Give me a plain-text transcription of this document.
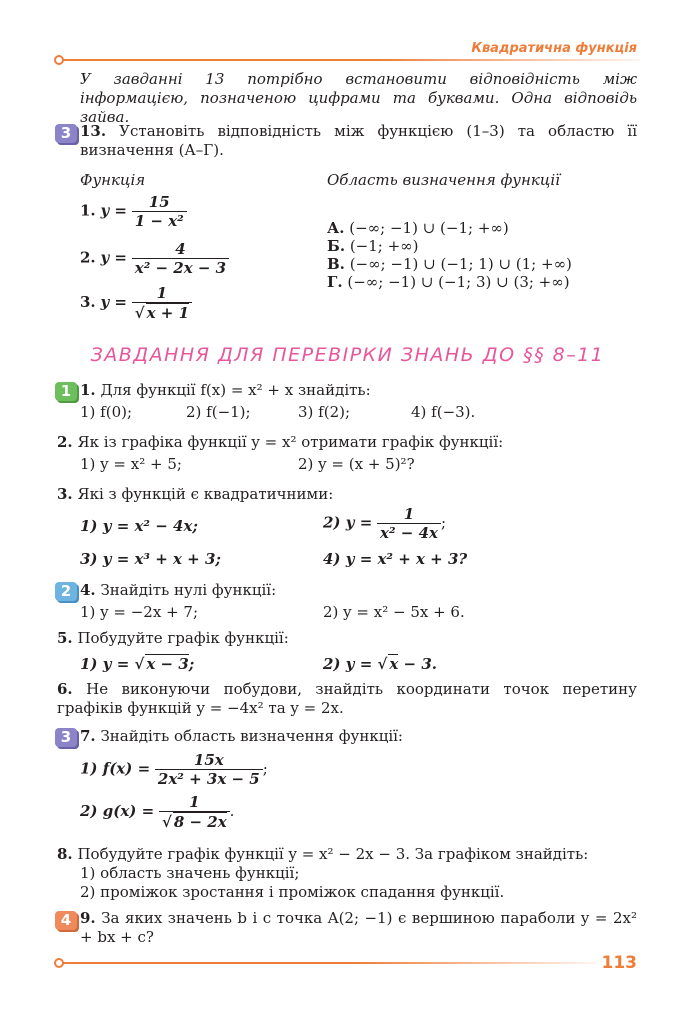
Квадратична функція
У завданні 13 потрібно встановити відповідність між інформацією, позначеною цифрами та буквами. Одна відповідь зайва.
3 13. Установіть відповідність між функцією (1–3) та областю її визначення (А–Г).
Функція	Область визначення функції
1. $y = \frac{15}{\text{1 − x²}}$
2. $y = \frac{4}{\text{x² − 2x − 3}}$
3. $y = \frac{1}{√ x + 1}$
А. (−∞; −1) ∪ (−1; +∞)
Б. (−1; +∞)
В. (−∞; −1) ∪ (−1; 1) ∪ (1; +∞)
Г. (−∞; −1) ∪ (−1; 3) ∪ (3; +∞)
ЗАВДАННЯ ДЛЯ ПЕРЕВІРКИ ЗНАНЬ ДО §§ 8–11
1 1. Для функції f(x) = x² + x знайдіть:
1) f(0);	2) f(−1);	3) f(2);	4) f(−3).
2. Як із графіка функції y = x² отримати графік функції:
1) y = x² + 5;	2) y = (x + 5)²?
3. Які з функцій є квадратичними:
1) y = x² − 4x;	2) $y = \frac{1}{\text{x² − 4x}}$ ;
3) y = x³ + x + 3;	4) y = x² + x + 3?
2 4. Знайдіть нулі функції:
1) y = −2x + 7;	2) y = x² − 5x + 6.
5. Побудуйте графік функції:
1) y = √ x − 3;	2) y = √ x − 3.
6. Не виконуючи побудови, знайдіть координати точок перетину графіків функцій y = −4x² та y = 2x.
3 7. Знайдіть область визначення функції:
1) $f(x) = \frac{15x}{\text{2x² + 3x − 5}}$ ;
2) $g(x) = \frac{1}{√ 8 - 2x}$ .
8. Побудуйте графік функції y = x² − 2x − 3. За графіком знайдіть:
1) область значень функції;
2) проміжок зростання і проміжок спадання функції.
4 9. За яких значень b і c точка A(2; −1) є вершиною параболи y = 2x² + bx + c?
113
